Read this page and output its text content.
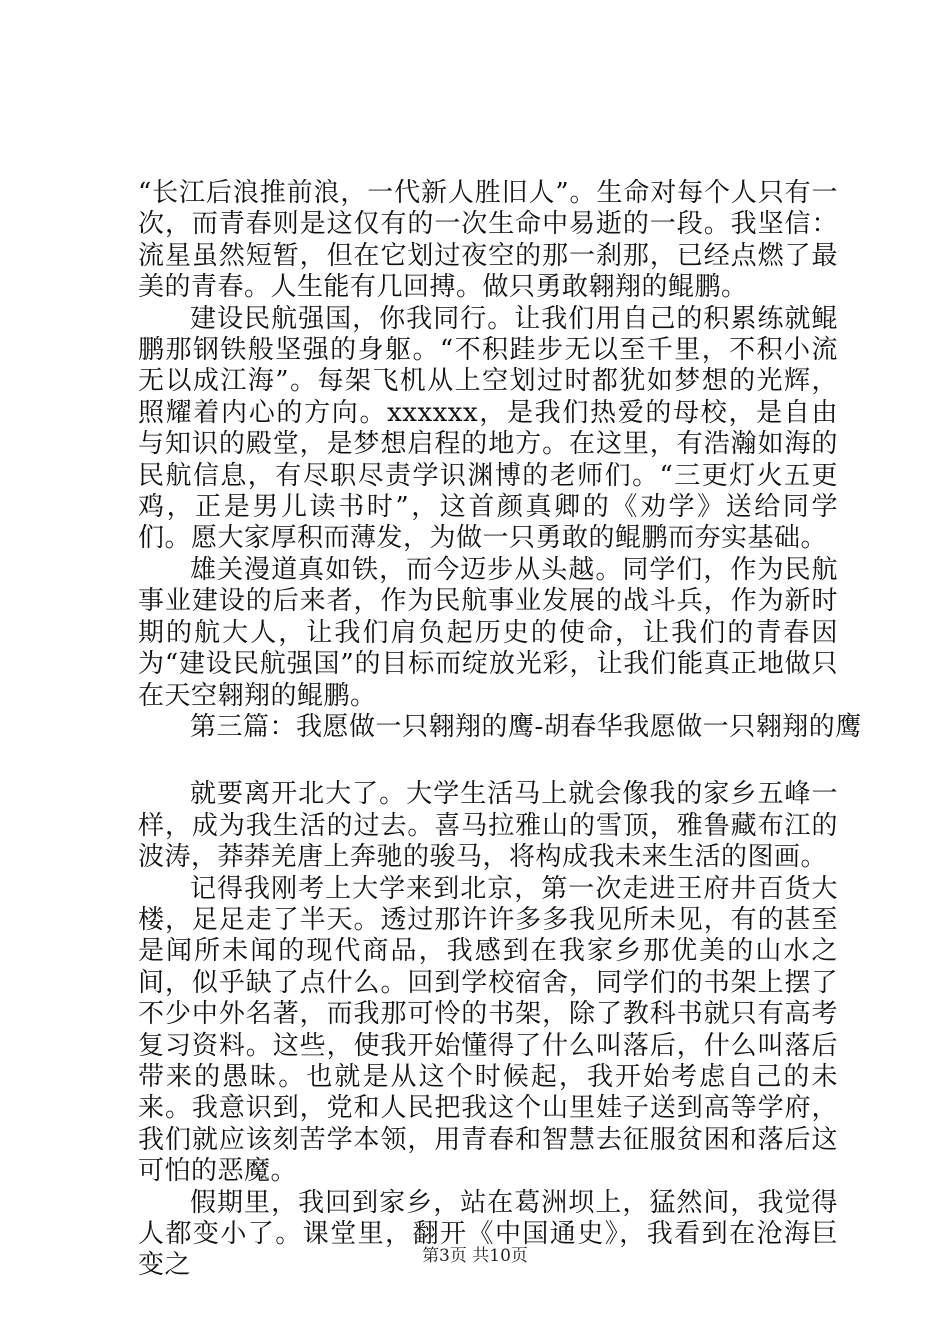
“长江后浪推前浪，一代新人胜旧人”。生命对每个人只有一次，而青春则是这仅有的一次生命中易逝的一段。我坚信：流星虽然短暂，但在它划过夜空的那一刹那，已经点燃了最美的青春。人生能有几回搏。做只勇敢翱翔的鲲鹏。

建设民航强国，你我同行。让我们用自己的积累练就鲲鹏那钢铁般坚强的身躯。“不积跬步无以至千里，不积小流无以成江海”。每架飞机从上空划过时都犹如梦想的光辉，照耀着内心的方向。xxxxxx，是我们热爱的母校，是自由与知识的殿堂，是梦想启程的地方。在这里，有浩瀚如海的民航信息，有尽职尽责学识渊博的老师们。“三更灯火五更鸡，正是男儿读书时”，这首颜真卿的《劝学》送给同学们。愿大家厚积而薄发，为做一只勇敢的鲲鹏而夯实基础。

雄关漫道真如铁，而今迈步从头越。同学们，作为民航事业建设的后来者，作为民航事业发展的战斗兵，作为新时期的航大人，让我们肩负起历史的使命，让我们的青春因为“建设民航强国”的目标而绽放光彩，让我们能真正地做只在天空翱翔的鲲鹏。

第三篇：我愿做一只翱翔的鹰-胡春华我愿做一只翱翔的鹰

就要离开北大了。大学生活马上就会像我的家乡五峰一样，成为我生活的过去。喜马拉雅山的雪顶，雅鲁藏布江的波涛，莽莽羌唐上奔驰的骏马，将构成我未来生活的图画。

记得我刚考上大学来到北京，第一次走进王府井百货大楼，足足走了半天。透过那许许多多我见所未见，有的甚至是闻所未闻的现代商品，我感到在我家乡那优美的山水之间，似乎缺了点什么。回到学校宿舍，同学们的书架上摆了不少中外名著，而我那可怜的书架，除了教科书就只有高考复习资料。这些，使我开始懂得了什么叫落后，什么叫落后带来的愚昧。也就是从这个时候起，我开始考虑自己的未来。我意识到，党和人民把我这个山里娃子送到高等学府，我们就应该刻苦学本领，用青春和智慧去征服贫困和落后这可怕的恶魔。

假期里，我回到家乡，站在葛洲坝上，猛然间，我觉得人都变小了。课堂里，翻开《中国通史》，我看到在沧海巨变之	第3页 共10页
